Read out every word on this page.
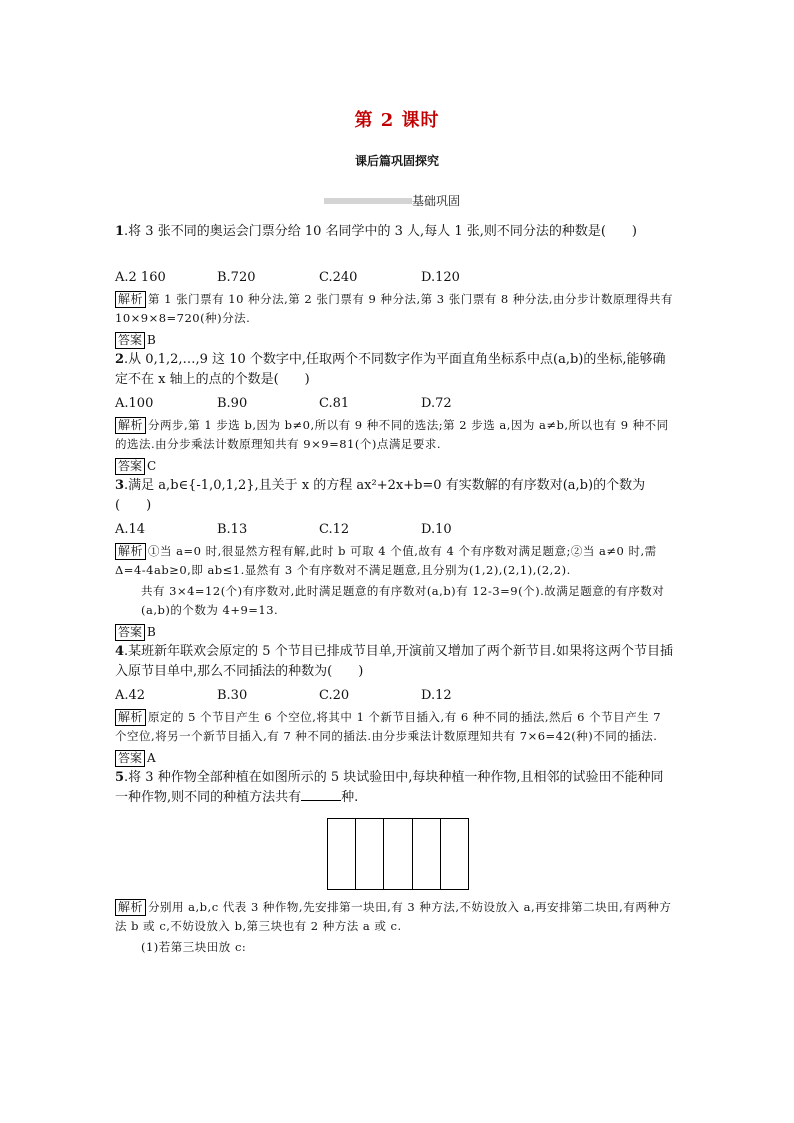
第 2 课时
课后篇巩固探究
基础巩固

1.将 3 张不同的奥运会门票分给 10 名同学中的 3 人,每人 1 张,则不同分法的种数是(　　)

A.2 160	B.720	C.240	D.120

解析 第 1 张门票有 10 种分法,第 2 张门票有 9 种分法,第 3 张门票有 8 种分法,由分步计数原理得共有 10×9×8=720(种)分法.

答案 B

2.从 0,1,2,…,9 这 10 个数字中,任取两个不同数字作为平面直角坐标系中点(a,b)的坐标,能够确定不在 x 轴上的点的个数是(　　)

A.100	B.90	C.81	D.72

解析 分两步,第 1 步选 b,因为 b≠0,所以有 9 种不同的选法;第 2 步选 a,因为 a≠b,所以也有 9 种不同的选法.由分步乘法计数原理知共有 9×9=81(个)点满足要求.

答案 C

3.满足 a,b∈{-1,0,1,2},且关于 x 的方程 ax²+2x+b=0 有实数解的有序数对(a,b)的个数为(　　)

A.14	B.13	C.12	D.10

解析 ①当 a=0 时,很显然方程有解,此时 b 可取 4 个值,故有 4 个有序数对满足题意;②当 a≠0 时,需 Δ=4-4ab≥0,即 ab≤1.显然有 3 个有序数对不满足题意,且分别为(1,2),(2,1),(2,2).

共有 3×4=12(个)有序数对,此时满足题意的有序数对(a,b)有 12-3=9(个).故满足题意的有序数对(a,b)的个数为 4+9=13.

答案 B

4.某班新年联欢会原定的 5 个节目已排成节目单,开演前又增加了两个新节目.如果将这两个节目插入原节目单中,那么不同插法的种数为(　　)

A.42	B.30	C.20	D.12

解析 原定的 5 个节目产生 6 个空位,将其中 1 个新节目插入,有 6 种不同的插法,然后 6 个节目产生 7 个空位,将另一个新节目插入,有 7 种不同的插法.由分步乘法计数原理知共有 7×6=42(种)不同的插法.

答案 A

5.将 3 种作物全部种植在如图所示的 5 块试验田中,每块种植一种作物,且相邻的试验田不能种同一种作物,则不同的种植方法共有	种.

解析 分别用 a,b,c 代表 3 种作物,先安排第一块田,有 3 种方法,不妨设放入 a,再安排第二块田,有两种方法 b 或 c,不妨设放入 b,第三块也有 2 种方法 a 或 c.

(1)若第三块田放 c:
